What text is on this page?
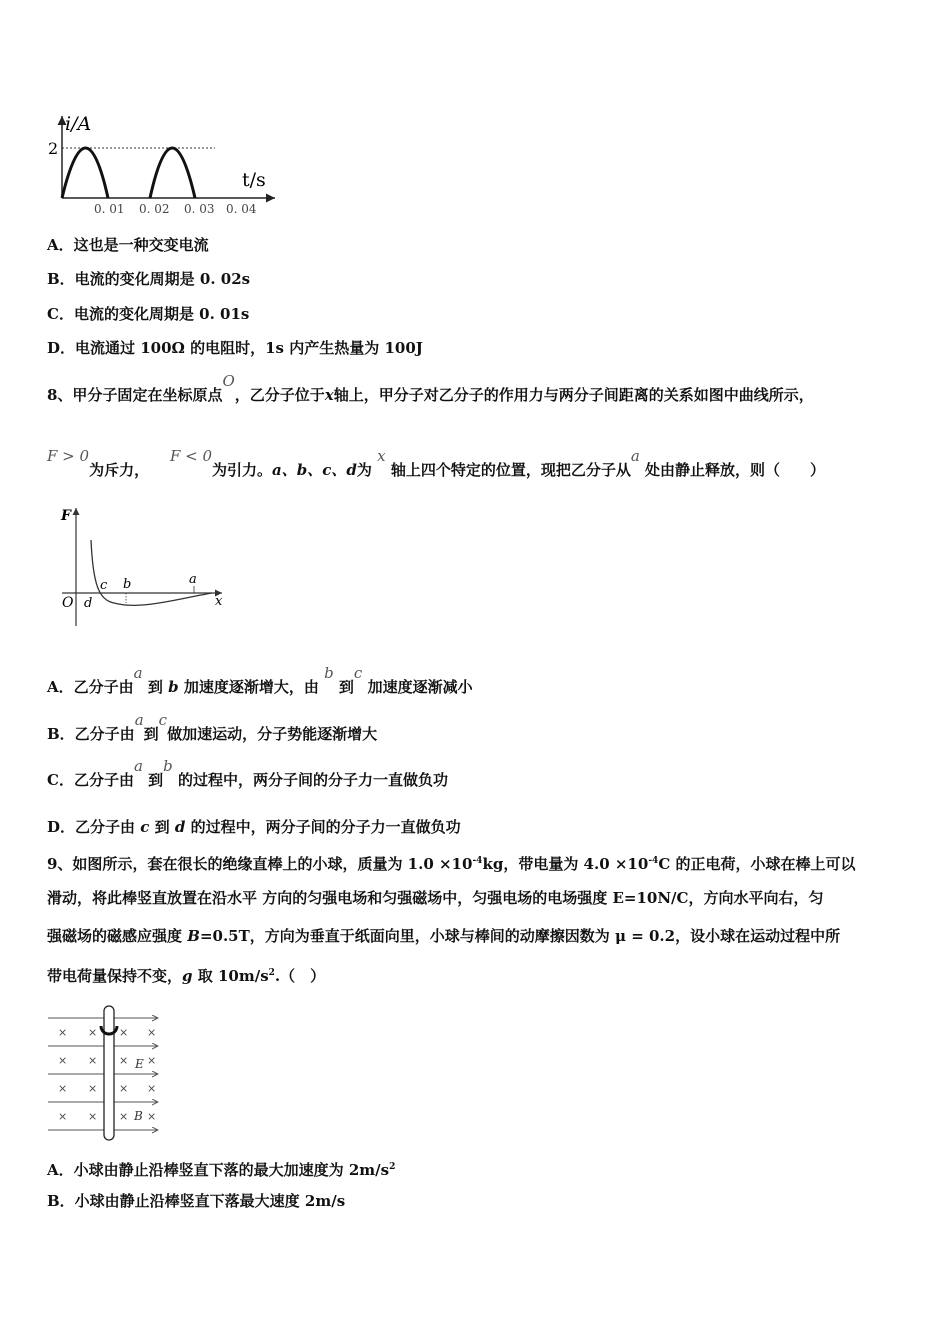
i/A
2
t/s
0. 01 0. 02 0. 03 0. 04
A．这也是一种交变电流
B．电流的变化周期是 0. 02s
C．电流的变化周期是 0. 01s
D．电流通过 100Ω 的电阻时，1s 内产生热量为 100J
8、甲分子固定在坐标原点O，乙分子位于x轴上，甲分子对乙分子的作用力与两分子间距离的关系如图中曲线所示，
F > 0为斥力，    F < 0为引力。a、b、c、d为 x 轴上四个特定的位置，现把乙分子从a 处由静止释放，则（　　）
F
O d
c b	a
x
A．乙分子由a 到 b 加速度逐渐增大，由 b 到c 加速度逐渐减小
B．乙分子由a到c做加速运动，分子势能逐渐增大
C．乙分子由a 到b 的过程中，两分子间的分子力一直做负功
D．乙分子由 c 到 d 的过程中，两分子间的分子力一直做负功
9、如图所示，套在很长的绝缘直棒上的小球，质量为 $1.0 \times 10^{-4}kg$，带电量为 $4.0 \times 10^{-4}C$ 的正电荷，小球在棒上可以
滑动，将此棒竖直放置在沿水平 方向的匀强电场和匀强磁场中，匀强电场的电场强度 E=10N/C，方向水平向右，匀
强磁场的磁感应强度 B=0.5T，方向为垂直于纸面向里，小球与棒间的动摩擦因数为 μ = 0.2，设小球在运动过程中所
带电荷量保持不变，g 取 $10m/s^2$.（　）
× × × ×
× × × ×
× × × ×
× × × ×
E
B
A．小球由静止沿棒竖直下落的最大加速度为 $2m/s^2$
B．小球由静止沿棒竖直下落最大速度 2m/s
